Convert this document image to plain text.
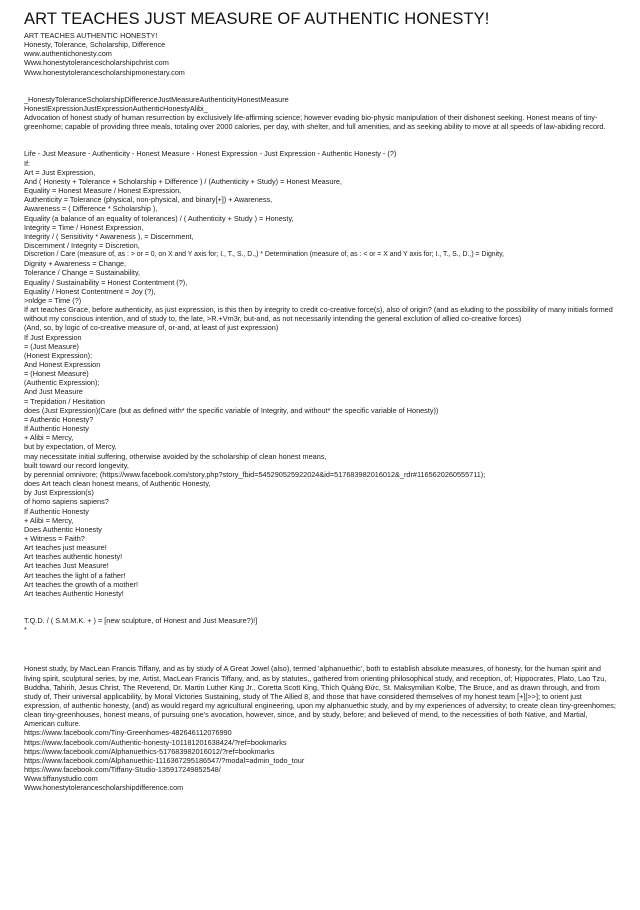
ART TEACHES JUST MEASURE OF AUTHENTIC HONESTY!
ART TEACHES AUTHENTIC HONESTY!
Honesty, Tolerance, Scholarship, Difference
www.authentichonesty.com
Www.honestytolerancescholarshipchrist.com
Www.honestytolerancescholarshipmonestary.com
_HonestyToleranceScholarshipDifferenceJustMeasureAuthenticityHonestMeasure
HonestExpressionJustExpressionAuthenticHonestyAlibi_
Advocation of honest study of human resurrection by exclusively life-affirming science; however evading bio-physic manipulation of their dishonest seeking. Honest means of tiny-greenhome; capable of providing three meals, totaling over 2000 calories, per day, with shelter, and full amenities, and as seeking ability to move at all speeds of law-abiding record.
Life - Just Measure - Authenticity - Honest Measure - Honest Expression - Just Expression - Authentic Honesty - (?)
If:
Art = Just Expression,
And ( Honesty + Tolerance + Scholarship + Difference ) / (Authenticity + Study) = Honest Measure,
Equality = Honest Measure / Honest Expression,
Authenticity = Tolerance (physical, non-physical, and binary[+]) + Awareness,
Awareness = ( Difference * Scholarship ),
Equality (a balance of an equality of tolerances) / ( Authenticity + Study ) = Honesty,
Integrity = Time / Honest Expression,
Integrity / ( Sensitivity * Awareness ), = Discernment,
Discernment / Integrity = Discretion,
Discretion / Care (measure of, as : > or = 0, on X and Y axis for; I., T., S., D.,) * Determination (measure of, as : < or = X and Y axis for; I., T., S., D.,) = Dignity,
Dignity + Awareness = Change,
Tolerance / Change = Sustainability,
Equality / Sustainability = Honest Contentment (?),
Equality / Honest Contentment = Joy (?),
>nldge = Time (?)
If art teaches Grace, before authenticity, as just expression, is this then by integrity to credit co-creative force(s), also of origin? (and as eluding to the possibility of many initials formed without my conscious intention, and of study to, the late, >R.+Vm3r, but-and, as not necessarily intending the general exclution of allied co-creative forces)
(And, so, by logic of co-creative measure of, or-and, at least of just expression)
If Just Expression
= (Just Measure)
(Honest Expression);
And Honest Expression
= (Honest Measure)
(Authentic Expression);
And Just Measure
= Trepidation / Hesitation
does (Just Expression)(Care (but as defined with* the specific variable of Integrity, and without* the specific variable of Honesty))
= Authentic Honesty?
If Authentic Honesty
+ Alibi = Mercy,
but by expectation, of Mercy,
may necessitate initial suffering, otherwise avoided by the scholarship of clean honest means,
built toward our record longevity,
by perennial omnivore; (https://www.facebook.com/story.php?story_fbid=545290525922024&id=517683982016012&_rdr#1165620260555711);
does Art teach clean honest means, of Authentic Honesty,
by Just Expression(s)
of homo sapiens sapiens?
If Authentic Honesty
+ Alibi = Mercy,
Does Authentic Honesty
+ Witness = Faith?
Art teaches just measure!
Art teaches authentic honesty!
Art teaches Just Measure!
Art teaches the light of a father!
Art teaches the growth of a mother!
Art teaches Authentic Honesty!
T.Q.D. / ( S.M.M.K. + ) = [new sculpture, of Honest and Just Measure?)!]
*
Honest study, by MacLean Francis Tiffany, and as by study of A Great Jowel (also), termed 'alphanuethic', both to establish absolute measures, of honesty, for the human spirit and living spirit, sculptural series, by me, Artist, MacLean Francis Tiffany, and, as by statutes,, gathered from orienting philosophical study, and reception, of; Hippocrates, Plato, Lao Tzu, Buddha, Tahirih, Jesus Christ, The Reverend, Dr. Martin Luther King Jr., Coretta Scott King, Thích Quảng Đức, St. Maksymilian Kolbe, The Bruce, and as drawn through, and from study of, Their universal applicability, by Moral Victories Sustaining, study of The Allied 8, and those that have considered themselves of my honest team [+][>>]; to orient just expression, of authentic honesty, (and) as would regard my agricultural engineering, upon my alphanuethic study, and by my experiences of adversity; to create clean tiny-greenhomes; clean tiny-greenhouses, honest means, of pursuing one's avocation, however, since, and by study, before; and believed of mend, to the necessities of both Native, and Martial, American culture.
https://www.facebook.com/Tiny-Greenhomes-482646112076990
https://www.facebook.com/Authentic-honesty-101181201638424/?ref=bookmarks
https://www.facebook.com/Alphanuethics-517683982016012/?ref=bookmarks
https://www.facebook.com/Alphanuethic-1116367295186547/?modal=admin_todo_tour
https://www.facebook.com/Tiffany-Studio-135917249852548/
Www.tiffanystudio.com
Www.honestytolerancescholarshipdifference.com
